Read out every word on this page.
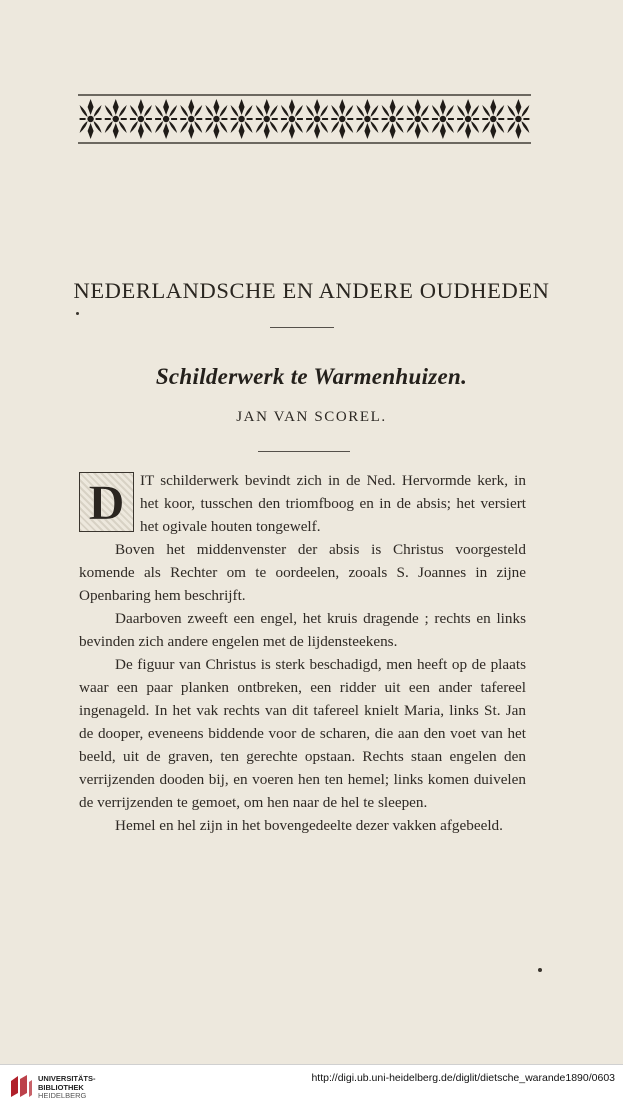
NEDERLANDSCHE EN ANDERE OUDHEDEN
Schilderwerk te Warmenhuizen.
JAN VAN SCOREL.

D	IT schilderwerk bevindt zich in de Ned. Hervormde kerk, in het koor, tusschen den triomfboog en in de absis; het versiert het ogivale houten tongewelf.

Boven het middenvenster der absis is Christus voorgesteld komende als Rechter om te oordeelen, zooals S. Joannes in zijne Openbaring hem beschrijft.

Daarboven zweeft een engel, het kruis dragende ; rechts en links bevinden zich andere engelen met de lijdensteekens.

De figuur van Christus is sterk beschadigd, men heeft op de plaats waar een paar planken ontbreken, een ridder uit een ander tafereel ingenageld. In het vak rechts van dit tafereel knielt Maria, links St. Jan de dooper, eveneens biddende voor de scharen, die aan den voet van het beeld, uit de graven, ten gerechte opstaan. Rechts staan engelen den verrijzenden dooden bij, en voeren hen ten hemel; links komen duivelen de verrijzenden te gemoet, om hen naar de hel te sleepen.

Hemel en hel zijn in het bovengedeelte dezer vakken afgebeeld.

UNIVERSITÄTS-
BIBLIOTHEK
HEIDELBERG
http://digi.ub.uni-heidelberg.de/diglit/dietsche_warande1890/0603
